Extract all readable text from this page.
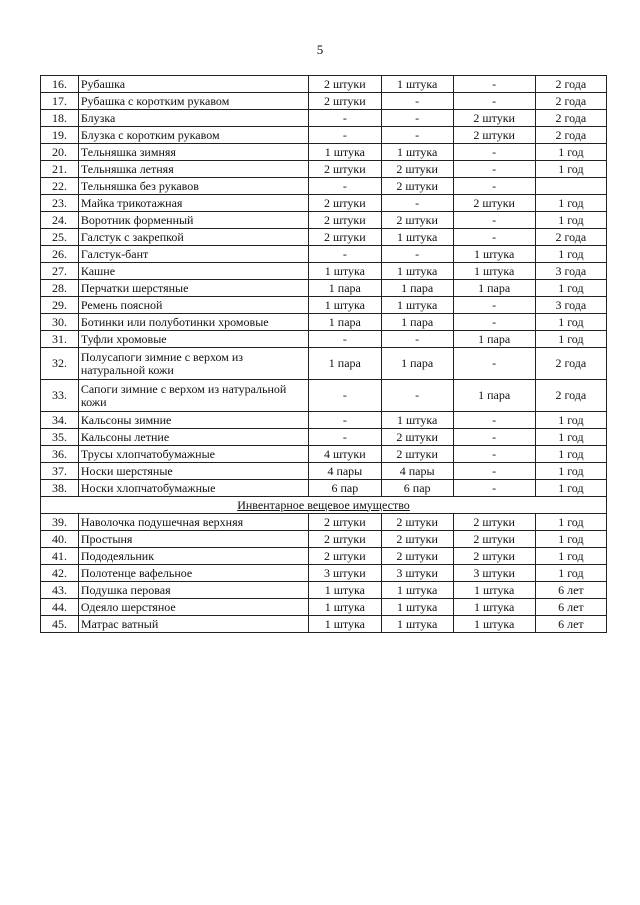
5
16.	Рубашка	2 штуки	1 штука	-	2 года
17.	Рубашка с коротким рукавом	2 штуки	-	-	2 года
18.	Блузка	-	-	2 штуки	2 года
19.	Блузка с коротким рукавом	-	-	2 штуки	2 года
20.	Тельняшка зимняя	1 штука	1 штука	-	1 год
21.	Тельняшка летняя	2 штуки	2 штуки	-	1 год
22.	Тельняшка без рукавов	-	2 штуки	-	
23.	Майка трикотажная	2 штуки	-	2 штуки	1 год
24.	Воротник форменный	2 штуки	2 штуки	-	1 год
25.	Галстук с закрепкой	2 штуки	1 штука	-	2 года
26.	Галстук-бант	-	-	1 штука	1 год
27.	Кашне	1 штука	1 штука	1 штука	3 года
28.	Перчатки шерстяные	1 пара	1 пара	1 пара	1 год
29.	Ремень поясной	1 штука	1 штука	-	3 года
30.	Ботинки или полуботинки хромовые	1 пара	1 пара	-	1 год
31.	Туфли хромовые	-	-	1 пара	1 год
32.	Полусапоги зимние с верхом из натуральной кожи	1 пара	1 пара	-	2 года
33.	Сапоги зимние с верхом из натуральной кожи	-	-	1 пара	2 года
34.	Кальсоны зимние	-	1 штука	-	1 год
35.	Кальсоны летние	-	2 штуки	-	1 год
36.	Трусы хлопчатобумажные	4 штуки	2 штуки	-	1 год
37.	Носки шерстяные	4 пары	4 пары	-	1 год
38.	Носки хлопчатобумажные	6 пар	6 пар	-	1 год
Инвентарное вещевое имущество					
39.	Наволочка подушечная верхняя	2 штуки	2 штуки	2 штуки	1 год
40.	Простыня	2 штуки	2 штуки	2 штуки	1 год
41.	Пододеяльник	2 штуки	2 штуки	2 штуки	1 год
42.	Полотенце вафельное	3 штуки	3 штуки	3 штуки	1 год
43.	Подушка перовая	1 штука	1 штука	1 штука	6 лет
44.	Одеяло шерстяное	1 штука	1 штука	1 штука	6 лет
45.	Матрас ватный	1 штука	1 штука	1 штука	6 лет
